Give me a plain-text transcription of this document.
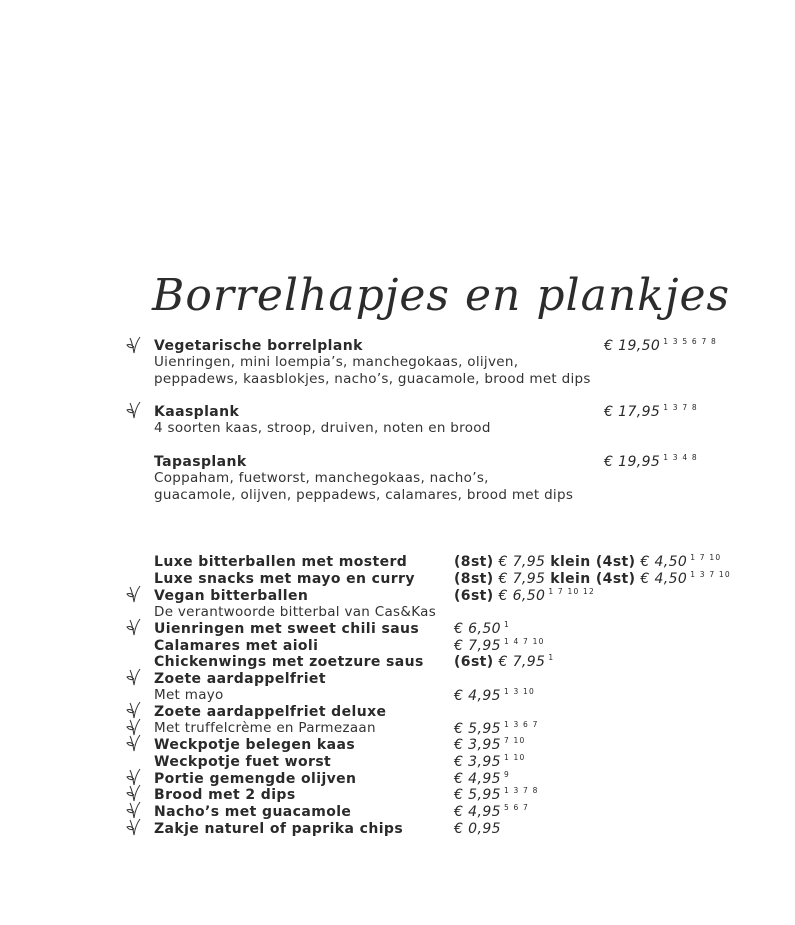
Borrelhapjes en plankjes
Vegetarische borrelplank	€ 19,50 $^{1 3 5 6 7 8}$
Uienringen, mini loempia’s, manchegokaas, olijven,
peppadews, kaasblokjes, nacho’s, guacamole, brood met dips
Kaasplank	€ 17,95 $^{1 3 7 8}$
4 soorten kaas, stroop, druiven, noten en brood
Tapasplank	€ 19,95 $^{1 3 4 8}$
Coppaham, fuetworst, manchegokaas, nacho’s,
guacamole, olijven, peppadews, calamares, brood met dips
Luxe bitterballen met mosterd	(8st) € 7,95 klein (4st) € 4,50 $^{1 7 10}$
Luxe snacks met mayo en curry	(8st) € 7,95 klein (4st) € 4,50 $^{1 3 7 10}$
Vegan bitterballen	(6st) € 6,50 $^{1 7 10 12}$
De verantwoorde bitterbal van Cas&Kas
Uienringen met sweet chili saus € 6,50 $^1$
Calamares met aioli	€ 7,95 $^{1 4 7 10}$
Chickenwings met zoetzure saus (6st) € 7,95 $^1$
Zoete aardappelfriet
Met mayo	€ 4,95 $^{1 3 10}$
Zoete aardappelfriet deluxe
Met truffelcrème en Parmezaan	€ 5,95 $^{1 3 6 7}$
Weckpotje belegen kaas	€ 3,95 $^{7 10}$
Weckpotje fuet worst	€ 3,95 $^{1 10}$
Portie gemengde olijven	€ 4,95 $^9$
Brood met 2 dips	€ 5,95 $^{1 3 7 8}$
Nacho’s met guacamole	€ 4,95 $^{5 6 7}$
Zakje naturel of paprika chips	€ 0,95
